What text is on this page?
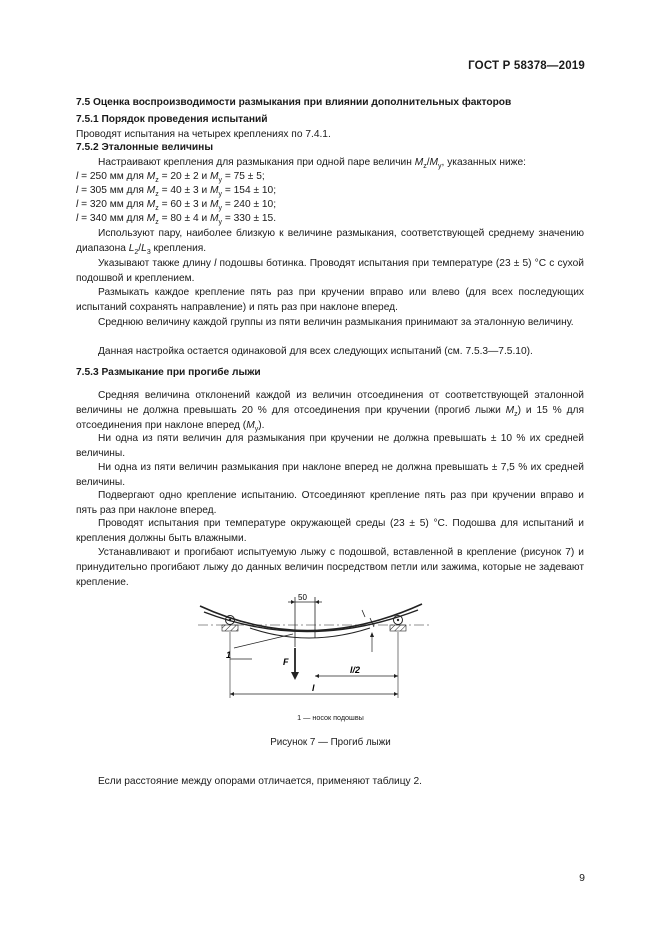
ГОСТ Р 58378—2019

7.5 Оценка воспроизводимости размыкания при влиянии дополнительных факторов

7.5.1 Порядок проведения испытаний

Проводят испытания на четырех креплениях по 7.4.1.

7.5.2 Эталонные величины

Настраивают крепления для размыкания при одной паре величин $M_z/M_y$, указанных ниже:

l = 250 мм для $M_z = 20 \pm 2$ и $M_y = 75 \pm 5$;

l = 305 мм для $M_z = 40 \pm 3$ и $M_y = 154 \pm 10$;

l = 320 мм для $M_z = 60 \pm 3$ и $M_y = 240 \pm 10$;

l = 340 мм для $M_z = 80 \pm 4$ и $M_y = 330 \pm 15$.

Используют пару, наиболее близкую к величине размыкания, соответствующей среднему значению диапазона $L_2/L_3$ крепления.

Указывают также длину l подошвы ботинка. Проводят испытания при температуре (23 ± 5) °С с сухой подошвой и креплением.

Размыкать каждое крепление пять раз при кручении вправо или влево (для всех последующих испытаний сохранять направление) и пять раз при наклоне вперед.

Среднюю величину каждой группы из пяти величин размыкания принимают за эталонную величину.

Данная настройка остается одинаковой для всех следующих испытаний (см. 7.5.3—7.5.10).

7.5.3 Размыкание при прогибе лыжи

Средняя величина отклонений каждой из величин отсоединения от соответствующей эталонной величины не должна превышать 20 % для отсоединения при кручении (прогиб лыжи $M_z$) и 15 % для отсоединения при наклоне вперед $(M_y)$.

Ни одна из пяти величин для размыкания при кручении не должна превышать ± 10 % их средней величины.

Ни одна из пяти величин размыкания при наклоне вперед не должна превышать ± 7,5 % их средней величины.

Подвергают одно крепление испытанию. Отсоединяют крепление пять раз при кручении вправо и пять раз при наклоне вперед.

Проводят испытания при температуре окружающей среды (23 ± 5) °С. Подошва для испытаний и крепления должны быть влажными.

Устанавливают и прогибают испытуемую лыжу с подошвой, вставленной в крепление (рисунок 7) и принудительно прогибают лыжу до данных величин посредством петли или зажима, которые не задевают крепление.

50
F
1
l/2
l
1 — носок подошвы
Рисунок 7 — Прогиб лыжи

Если расстояние между опорами отличается, применяют таблицу 2.

9
